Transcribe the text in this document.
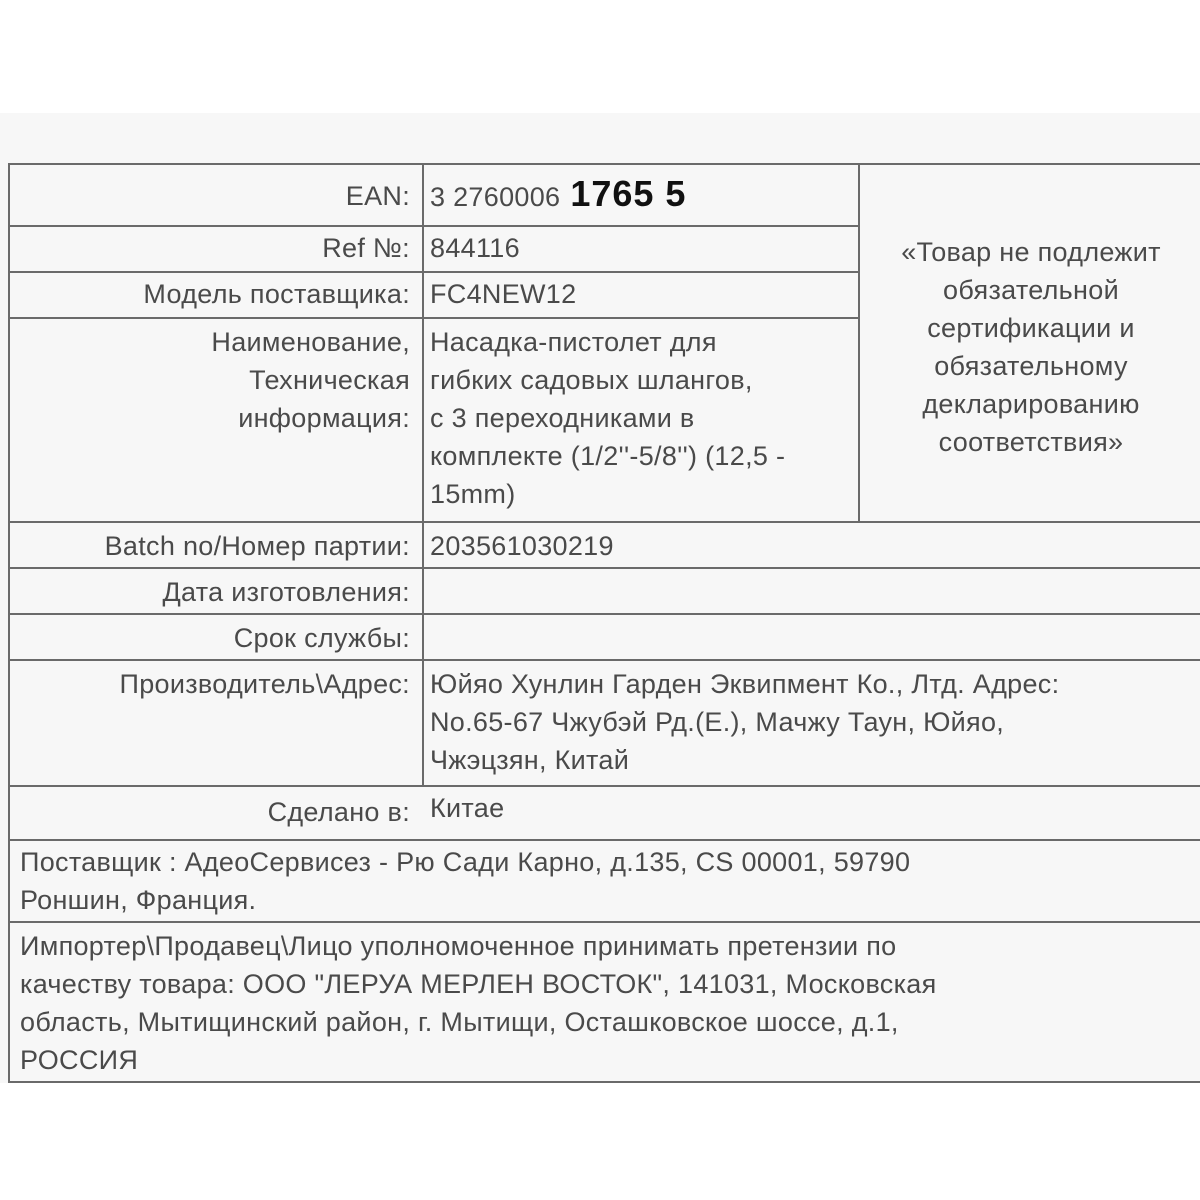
EAN: 3 2760006 1765 5
Ref №: 844116
Модель поставщика: FC4NEW12
Наименование,
Техническая
информация:
Насадка-пистолет для
гибких садовых шлангов,
с 3 переходниками в
комплекте (1/2''-5/8'') (12,5 -
15mm)
«Товар не подлежит
обязательной
сертификации и
обязательному
декларированию
соответствия»
Batch no/Номер партии: 203561030219
Дата изготовления:
Срок службы:
Производитель\Адрес: Юйяо Хунлин Гарден Эквипмент Ко., Лтд. Адрес:
No.65-67 Чжубэй Рд.(E.), Мачжу Таун, Юйяо,
Чжэцзян, Китай
Сделано в: Китае
Поставщик : АдеоСервисез - Рю Сади Карно, д.135, CS 00001, 59790
Роншин, Франция.
Импортер\Продавец\Лицо уполномоченное принимать претензии по
качеству товара: ООО "ЛЕРУА МЕРЛЕН ВОСТОК", 141031, Московская
область, Мытищинский район, г. Мытищи, Осташковское шоссе, д.1,
РОССИЯ
